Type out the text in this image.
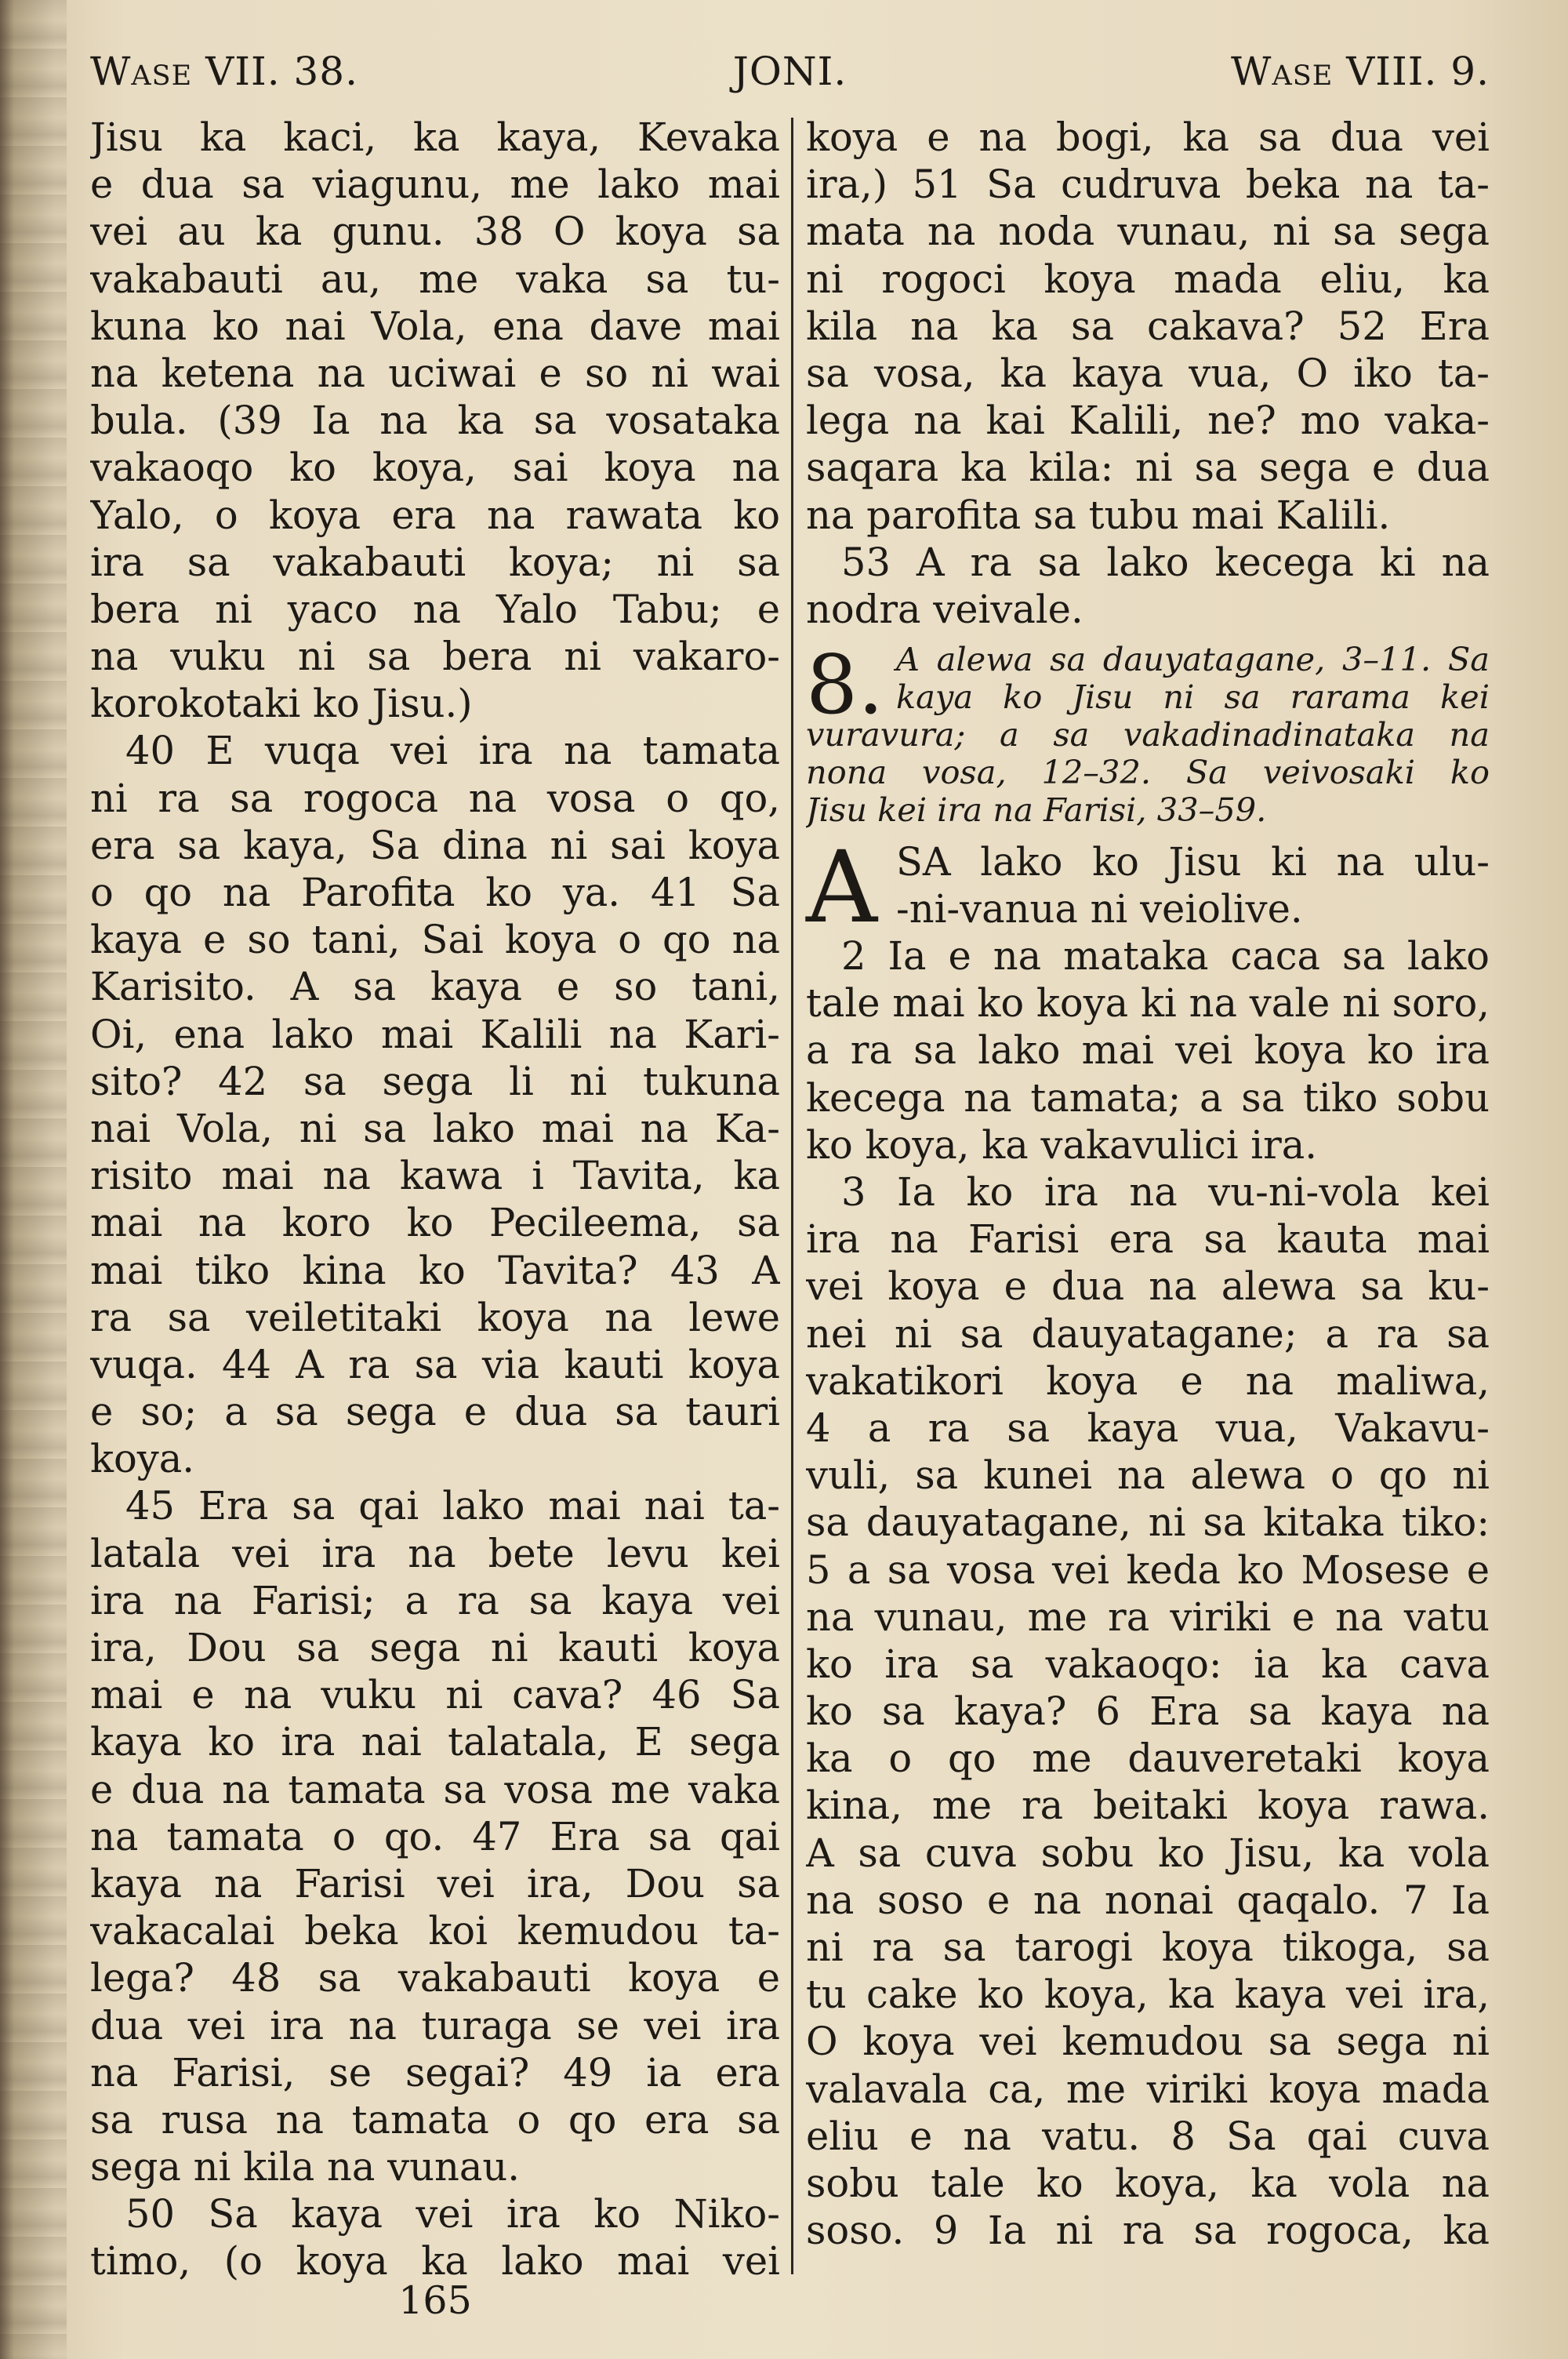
Wase VII. 38.	JONI.	Wase VIII. 9.
Jisu ka kaci, ka kaya, Kevaka
e dua sa viagunu, me lako mai
vei au ka gunu. 38 O koya sa
vakabauti au, me vaka sa tu-
kuna ko nai Vola, ena dave mai
na ketena na uciwai e so ni wai
bula. (39 Ia na ka sa vosataka
vakaoqo ko koya, sai koya na
Yalo, o koya era na rawata ko
ira sa vakabauti koya; ni sa
bera ni yaco na Yalo Tabu; e
na vuku ni sa bera ni vakaro-
korokotaki ko Jisu.)
40 E vuqa vei ira na tamata
ni ra sa rogoca na vosa o qo,
era sa kaya, Sa dina ni sai koya
o qo na Parofita ko ya. 41 Sa
kaya e so tani, Sai koya o qo na
Karisito. A sa kaya e so tani,
Oi, ena lako mai Kalili na Kari-
sito? 42 sa sega li ni tukuna
nai Vola, ni sa lako mai na Ka-
risito mai na kawa i Tavita, ka
mai na koro ko Pecileema, sa
mai tiko kina ko Tavita? 43 A
ra sa veiletitaki koya na lewe
vuqa. 44 A ra sa via kauti koya
e so; a sa sega e dua sa tauri
koya.
45 Era sa qai lako mai nai ta-
latala vei ira na bete levu kei
ira na Farisi; a ra sa kaya vei
ira, Dou sa sega ni kauti koya
mai e na vuku ni cava? 46 Sa
kaya ko ira nai talatala, E sega
e dua na tamata sa vosa me vaka
na tamata o qo. 47 Era sa qai
kaya na Farisi vei ira, Dou sa
vakacalai beka koi kemudou ta-
lega? 48 sa vakabauti koya e
dua vei ira na turaga se vei ira
na Farisi, se segai? 49 ia era
sa rusa na tamata o qo era sa
sega ni kila na vunau.
50 Sa kaya vei ira ko Niko-
timo, (o koya ka lako mai vei
koya e na bogi, ka sa dua vei
ira,) 51 Sa cudruva beka na ta-
mata na noda vunau, ni sa sega
ni rogoci koya mada eliu, ka
kila na ka sa cakava? 52 Era
sa vosa, ka kaya vua, O iko ta-
lega na kai Kalili, ne? mo vaka-
saqara ka kila: ni sa sega e dua
na parofita sa tubu mai Kalili.
53 A ra sa lako kecega ki na
nodra veivale.
8. A alewa sa dauyatagane, 3–11. Sa
kaya ko Jisu ni sa rarama kei
vuravura; a sa vakadinadinataka na
nona vosa, 12–32. Sa veivosaki ko
Jisu kei ira na Farisi, 33–59.
A SA lako ko Jisu ki na ulu-
-ni-vanua ni veiolive.
2 Ia e na mataka caca sa lako
tale mai ko koya ki na vale ni soro,
a ra sa lako mai vei koya ko ira
kecega na tamata; a sa tiko sobu
ko koya, ka vakavulici ira.
3 Ia ko ira na vu-ni-vola kei
ira na Farisi era sa kauta mai
vei koya e dua na alewa sa ku-
nei ni sa dauyatagane; a ra sa
vakatikori koya e na maliwa,
4 a ra sa kaya vua, Vakavu-
vuli, sa kunei na alewa o qo ni
sa dauyatagane, ni sa kitaka tiko:
5 a sa vosa vei keda ko Mosese e
na vunau, me ra viriki e na vatu
ko ira sa vakaoqo: ia ka cava
ko sa kaya? 6 Era sa kaya na
ka o qo me dauveretaki koya
kina, me ra beitaki koya rawa.
A sa cuva sobu ko Jisu, ka vola
na soso e na nonai qaqalo. 7 Ia
ni ra sa tarogi koya tikoga, sa
tu cake ko koya, ka kaya vei ira,
O koya vei kemudou sa sega ni
valavala ca, me viriki koya mada
eliu e na vatu. 8 Sa qai cuva
sobu tale ko koya, ka vola na
soso. 9 Ia ni ra sa rogoca, ka
165
